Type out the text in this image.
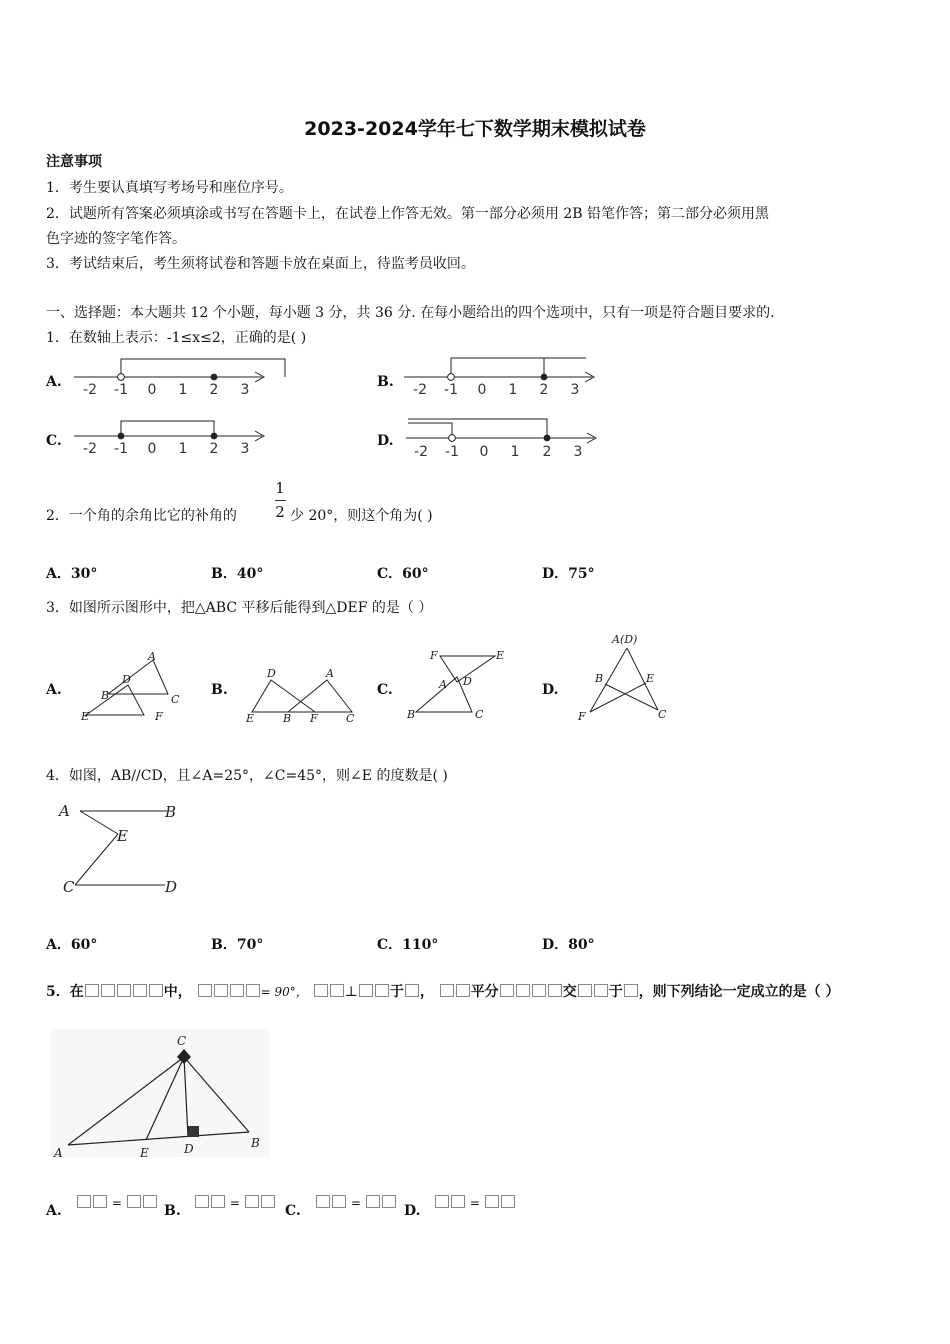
2023-2024学年七下数学期末模拟试卷
注意事项
1．考生要认真填写考场号和座位序号。
2．试题所有答案必须填涂或书写在答题卡上，在试卷上作答无效。第一部分必须用 2B 铅笔作答；第二部分必须用黑
色字迹的签字笔作答。
3．考试结束后，考生须将试卷和答题卡放在桌面上，待监考员收回。
一、选择题：本大题共 12 个小题，每小题 3 分，共 36 分. 在每小题给出的四个选项中，只有一项是符合题目要求的.
1．在数轴上表示：-1≤x≤2，正确的是( )
A. -2 -1 0 1 2 3	B. -2 -1 0 1 2 3
C. -2 -1 0 1 2 3	D.
-2 -1 0 1 2 3
2．一个角的余角比它的补角的
1
2 少 20°，则这个角为( )
A．30°	B．40°	C．60°	D．75°
3．如图所示图形中，把△ABC 平移后能得到△DEF 的是（ ）
A.
A
D
B	C
E	F
B.
D	A
E	B F	C
C.
F	E
A D
B	C
D.
A(D)
B	E
F	C
4．如图，AB//CD，且∠A=25°，∠C=45°，则∠E 的度数是( )
A	B
E
C	D
A．60°	B．70°	C．110°	D．80°
5．在	中，	= 90°，	⊥ 于 ，	平分	交 于 ，则下列结论一定成立的是（ ）
C
A	E	D	B
A.	=	B.	=	C.	=	D.	=
